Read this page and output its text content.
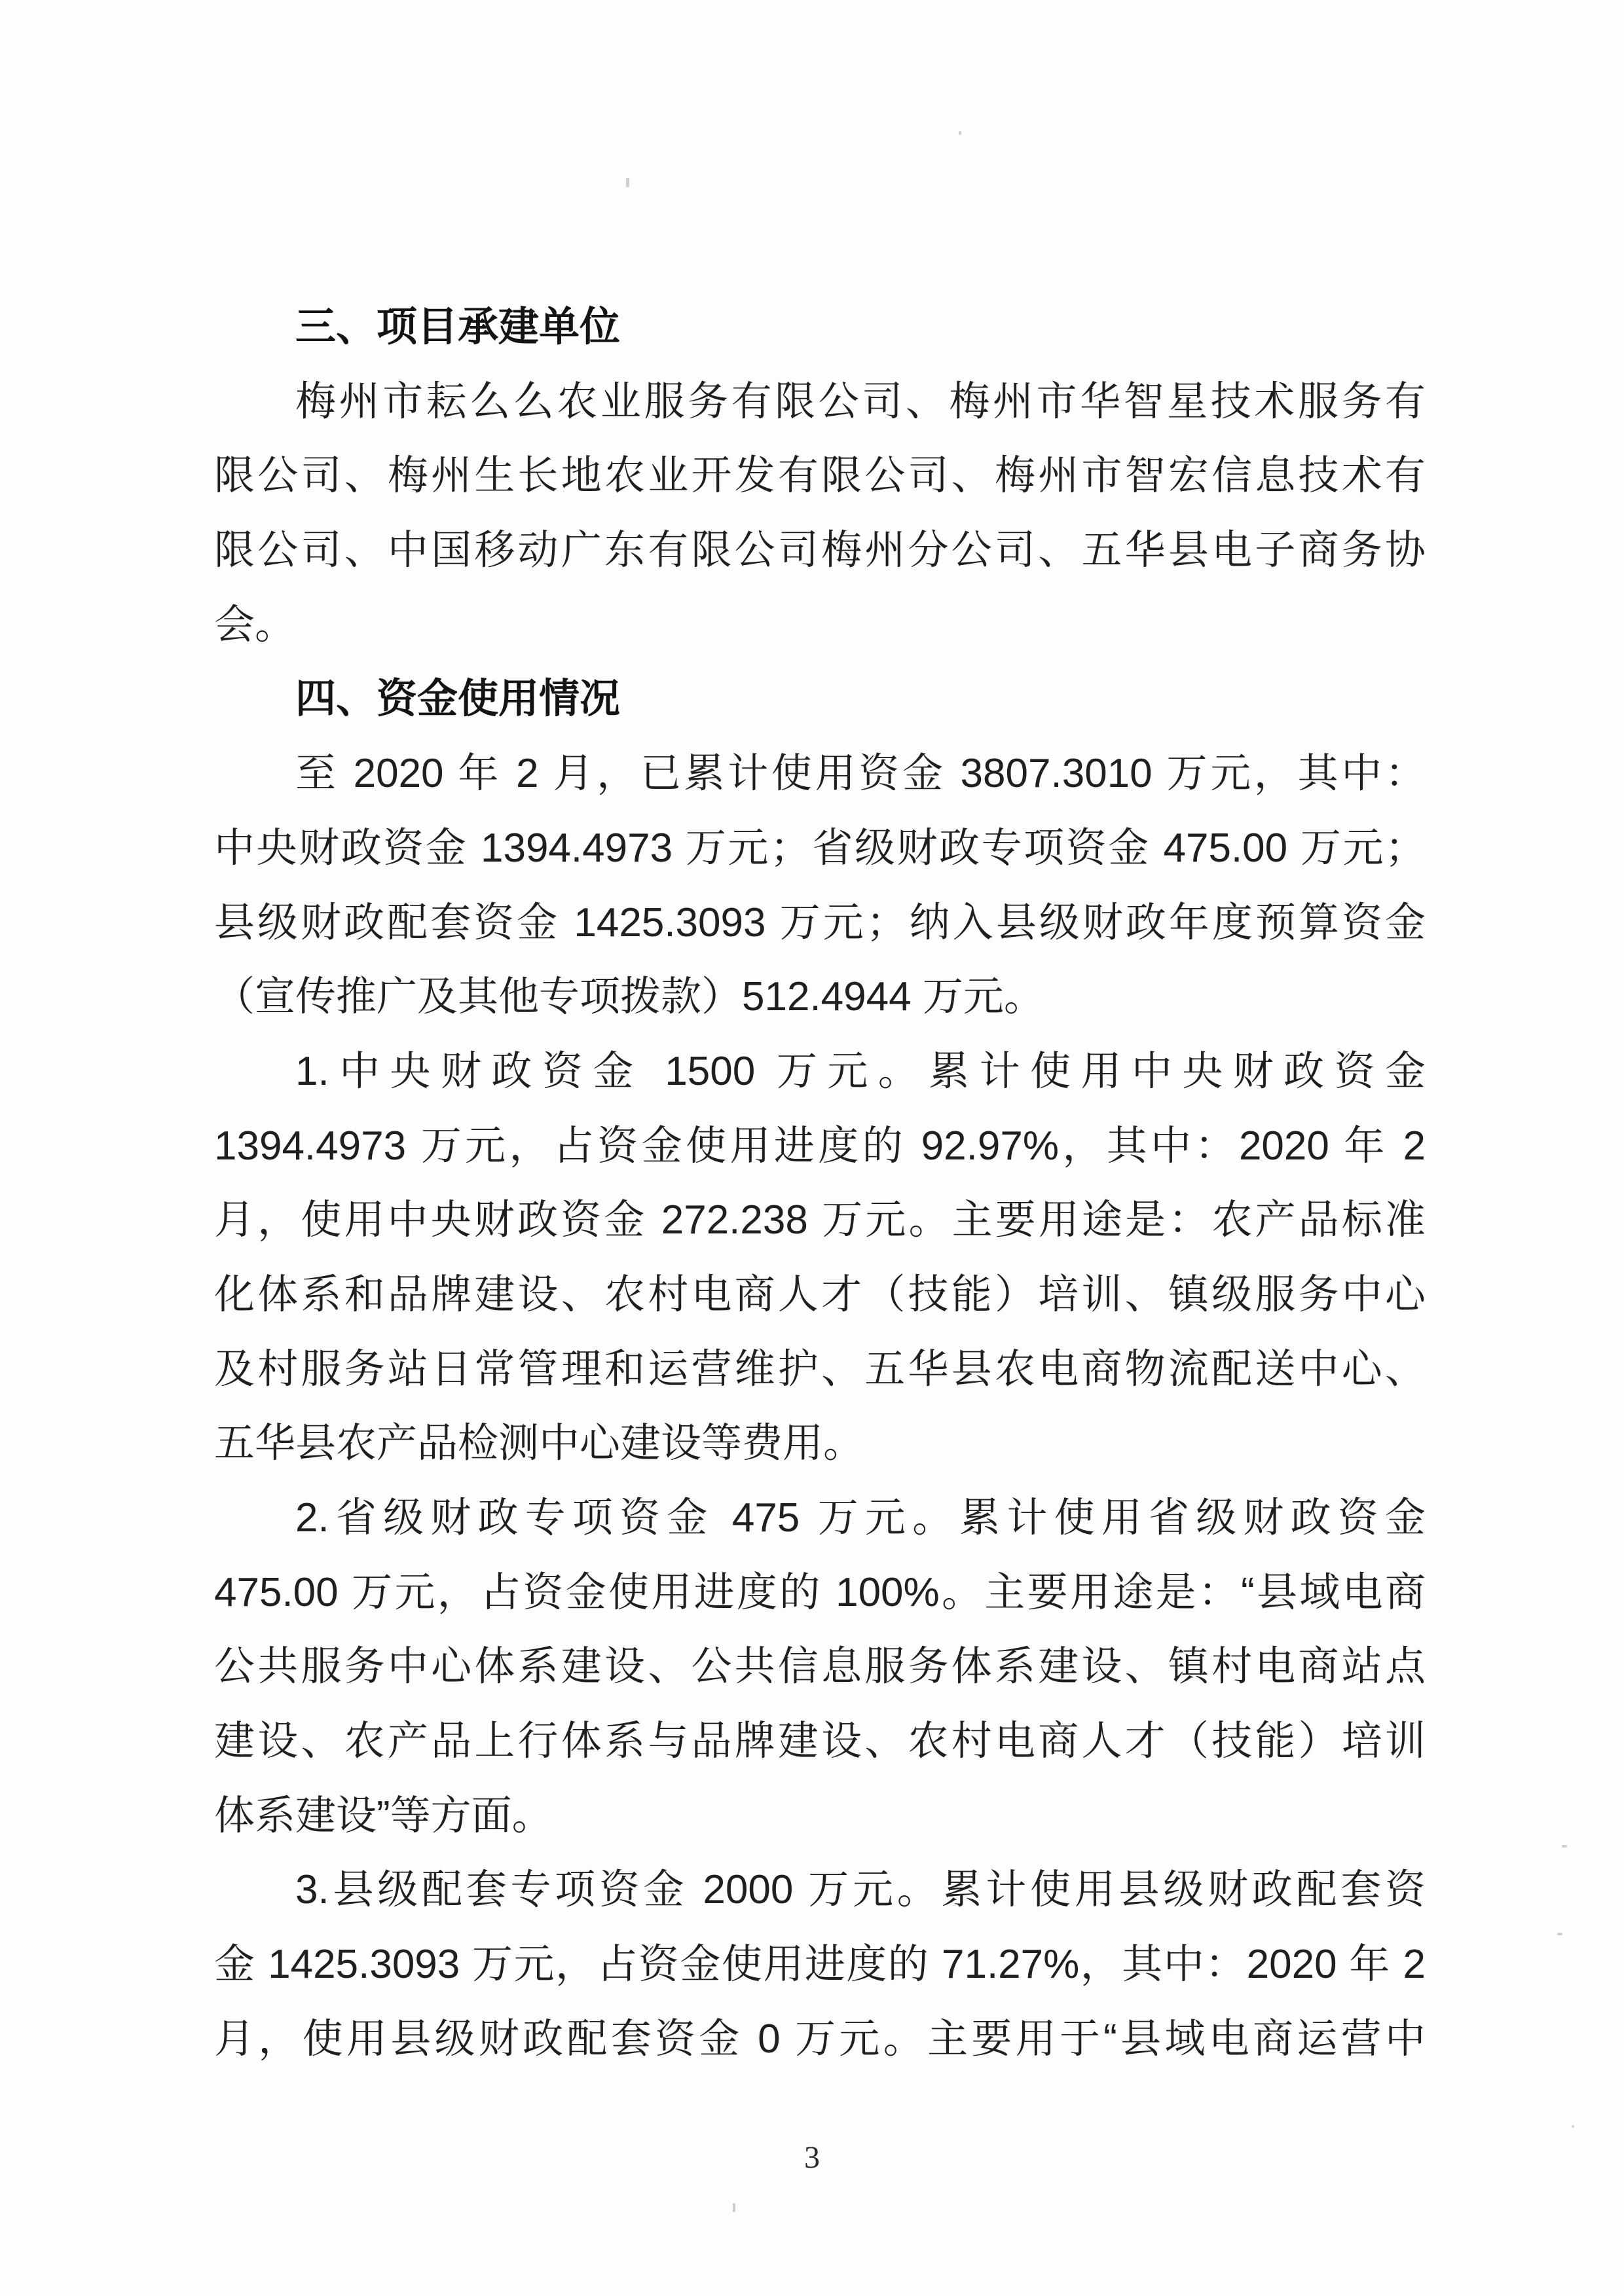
三、项目承建单位
梅州市耘么么农业服务有限公司、梅州市华智星技术服务有
限公司、梅州生长地农业开发有限公司、梅州市智宏信息技术有
限公司、中国移动广东有限公司梅州分公司、五华县电子商务协
会。
四、资金使用情况
至 2020 年 2 月，已累计使用资金 3807.3010 万元，其中：
中央财政资金 1394.4973 万元；省级财政专项资金 475.00 万元；
县级财政配套资金 1425.3093 万元；纳入县级财政年度预算资金
（宣传推广及其他专项拨款）512.4944 万元。
1.中央财政资金 1500 万元。累计使用中央财政资金
1394.4973 万元，占资金使用进度的 92.97%，其中：2020 年 2
月，使用中央财政资金 272.238 万元。主要用途是：农产品标准
化体系和品牌建设、农村电商人才（技能）培训、镇级服务中心
及村服务站日常管理和运营维护、五华县农电商物流配送中心、
五华县农产品检测中心建设等费用。
2.省级财政专项资金 475 万元。累计使用省级财政资金
475.00 万元，占资金使用进度的 100%。主要用途是：“县域电商
公共服务中心体系建设、公共信息服务体系建设、镇村电商站点
建设、农产品上行体系与品牌建设、农村电商人才（技能）培训
体系建设”等方面。
3.县级配套专项资金 2000 万元。累计使用县级财政配套资
金 1425.3093 万元，占资金使用进度的 71.27%，其中：2020 年 2
月，使用县级财政配套资金 0 万元。主要用于“县域电商运营中
3
